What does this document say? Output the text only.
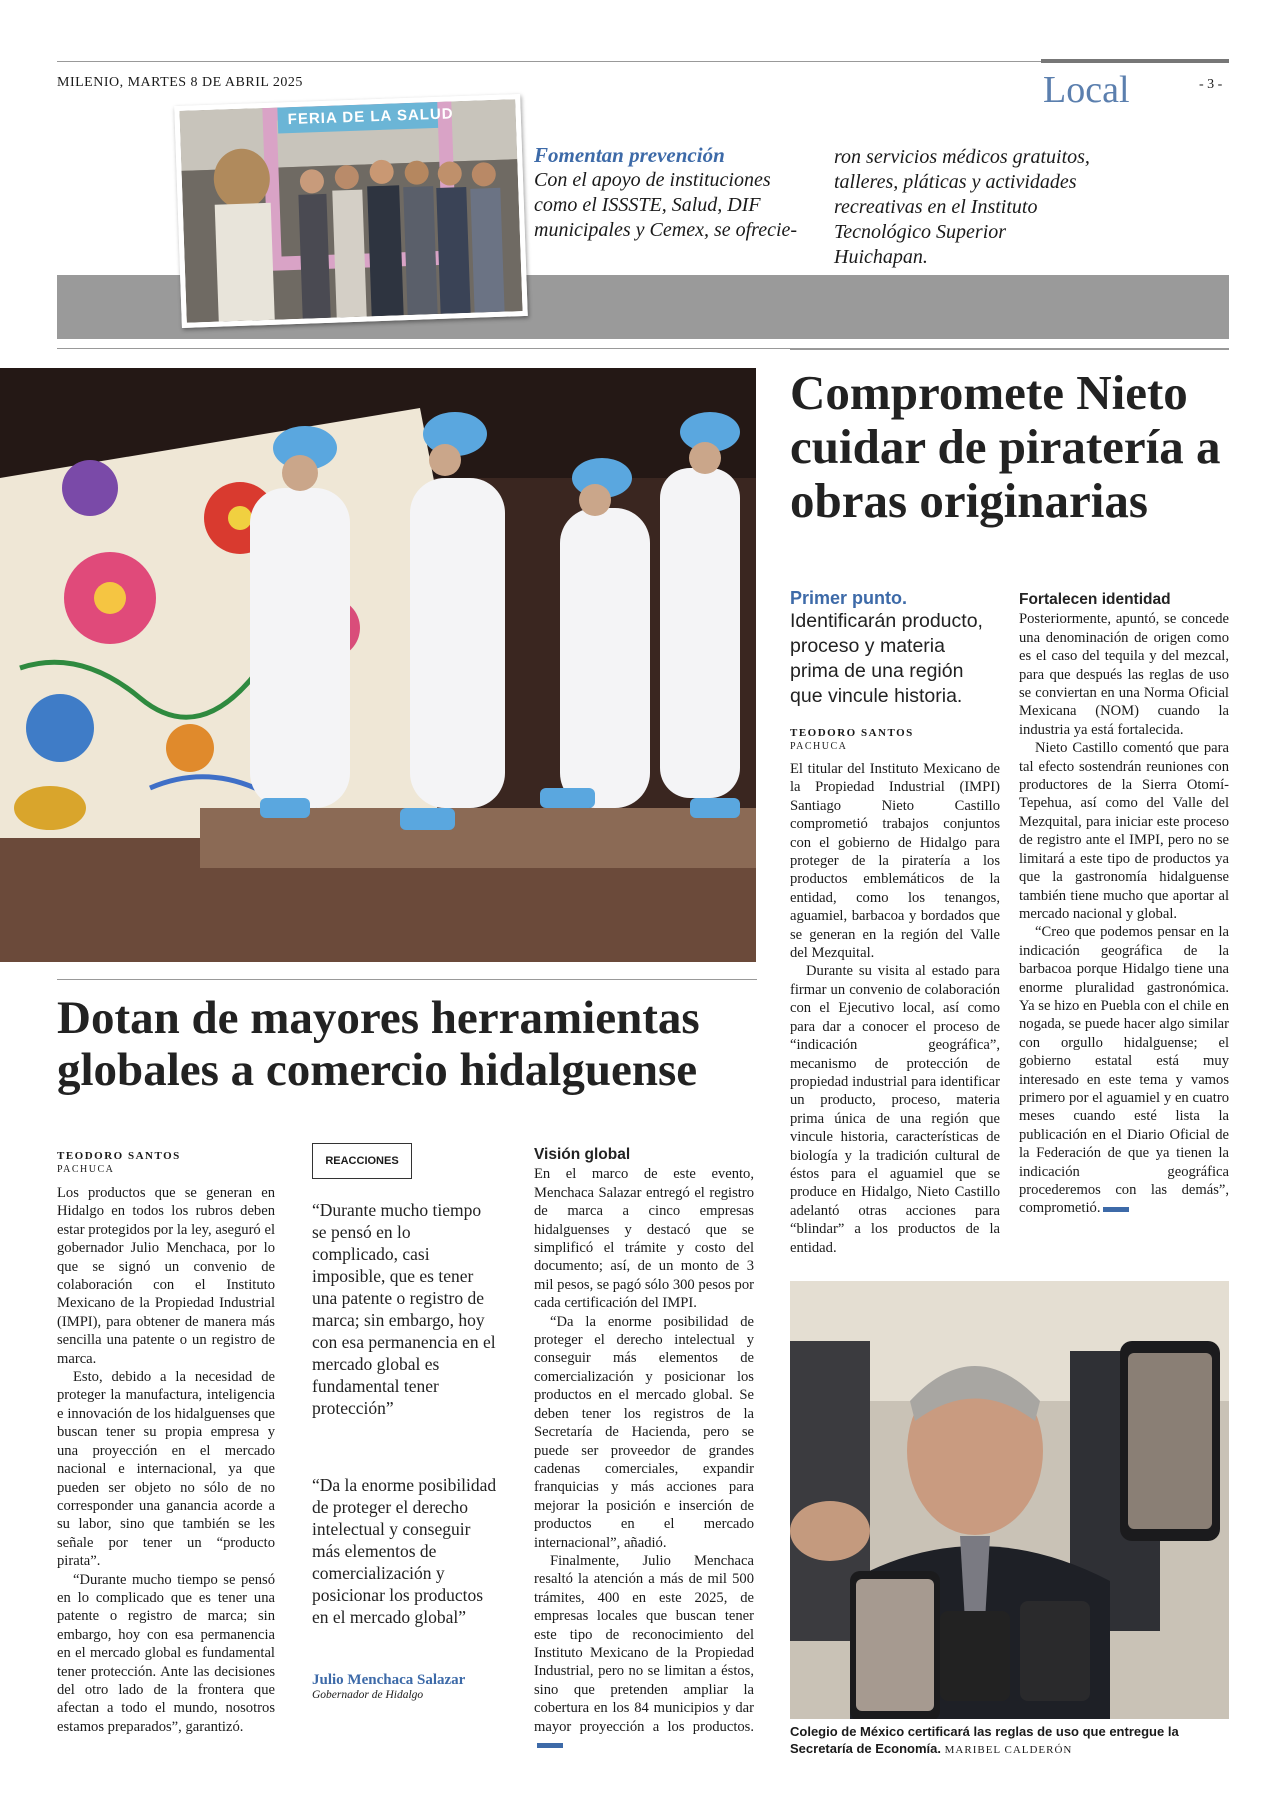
MILENIO, MARTES 8 DE ABRIL 2025	Local	- 3 -
FERIA DE LA SALUD
Fomentan prevención
Con el apoyo de instituciones como el ISSSTE, Salud, DIF municipales y Cemex, se ofrecie-
ron servicios médicos gratuitos, talleres, pláticas y actividades recreativas en el Instituto Tecnológico Superior Huichapan.
Compromete Nieto cuidar de piratería a obras originarias
Primer punto.
Identificarán producto, proceso y materia prima de una región que vincule historia.
TEODORO SANTOS
PACHUCA

El titular del Instituto Mexicano de la Propiedad Industrial (IMPI) Santiago Nieto Castillo comprometió trabajos conjuntos con el gobierno de Hidalgo para proteger de la piratería a los productos emblemáticos de la entidad, como los tenangos, aguamiel, barbacoa y bordados que se generan en la región del Valle del Mezquital.

Durante su visita al estado para firmar un convenio de colaboración con el Ejecutivo local, así como para dar a conocer el proceso de “indicación geográfica”, mecanismo de protección de propiedad industrial para identificar un producto, proceso, materia prima única de una región que vincule historia, características de biología y la tradición cultural de éstos para el aguamiel que se produce en Hidalgo, Nieto Castillo adelantó otras acciones para “blindar” a los productos de la entidad.

Fortalecen identidad

Posteriormente, apuntó, se concede una denominación de origen como es el caso del tequila y del mezcal, para que después las reglas de uso se conviertan en una Norma Oficial Mexicana (NOM) cuando la industria ya está fortalecida.

Nieto Castillo comentó que para tal efecto sostendrán reuniones con productores de la Sierra Otomí-Tepehua, así como del Valle del Mezquital, para iniciar este proceso de registro ante el IMPI, pero no se limitará a este tipo de productos ya que la gastronomía hidalguense también tiene mucho que aportar al mercado nacional y global.

“Creo que podemos pensar en la indicación geográfica de la barbacoa porque Hidalgo tiene una enorme pluralidad gastronómica. Ya se hizo en Puebla con el chile en nogada, se puede hacer algo similar con orgullo hidalguense; el gobierno estatal está muy interesado en este tema y vamos primero por el aguamiel y en cuatro meses cuando esté lista la publicación en el Diario Oficial de la Federación de que ya tienen la indicación geográfica procederemos con las demás”, comprometió.

Colegio de México certificará las reglas de uso que entregue la Secretaría de Economía. MARIBEL CALDERÓN
Dotan de mayores herramientas globales a comercio hidalguense
TEODORO SANTOS
PACHUCA

Los productos que se generan en Hidalgo en todos los rubros deben estar protegidos por la ley, aseguró el gobernador Julio Menchaca, por lo que se signó un convenio de colaboración con el Instituto Mexicano de la Propiedad Industrial (IMPI), para obtener de manera más sencilla una patente o un registro de marca.

Esto, debido a la necesidad de proteger la manufactura, inteligencia e innovación de los hidalguenses que buscan tener su propia empresa y una proyección en el mercado nacional e internacional, ya que pueden ser objeto no sólo de no corresponder una ganancia acorde a su labor, sino que también se les señale por tener un “producto pirata”.

“Durante mucho tiempo se pensó en lo complicado que es tener una patente o registro de marca; sin embargo, hoy con esa permanencia en el mercado global es fundamental tener protección. Ante las decisiones del otro lado de la frontera que afectan a todo el mundo, nosotros estamos preparados”, garantizó.

REACCIONES
“Durante mucho tiempo se pensó en lo complicado, casi imposible, que es tener una patente o registro de marca; sin embargo, hoy con esa permanencia en el mercado global es fundamental tener protección”
“Da la enorme posibilidad de proteger el derecho intelectual y conseguir más elementos de comercialización y posicionar los productos en el mercado global”
Julio Menchaca Salazar
Gobernador de Hidalgo
Visión global

En el marco de este evento, Menchaca Salazar entregó el registro de marca a cinco empresas hidalguenses y destacó que se simplificó el trámite y costo del documento; así, de un monto de 3 mil pesos, se pagó sólo 300 pesos por cada certificación del IMPI.

“Da la enorme posibilidad de proteger el derecho intelectual y conseguir más elementos de comercialización y posicionar los productos en el mercado global. Se deben tener los registros de la Secretaría de Hacienda, pero se puede ser proveedor de grandes cadenas comerciales, expandir franquicias y más acciones para mejorar la posición e inserción de productos en el mercado internacional”, añadió.

Finalmente, Julio Menchaca resaltó la atención a más de mil 500 trámites, 400 en este 2025, de empresas locales que buscan tener este tipo de reconocimiento del Instituto Mexicano de la Propiedad Industrial, pero no se limitan a éstos, sino que pretenden ampliar la cobertura en los 84 municipios y dar mayor proyección a los productos.
